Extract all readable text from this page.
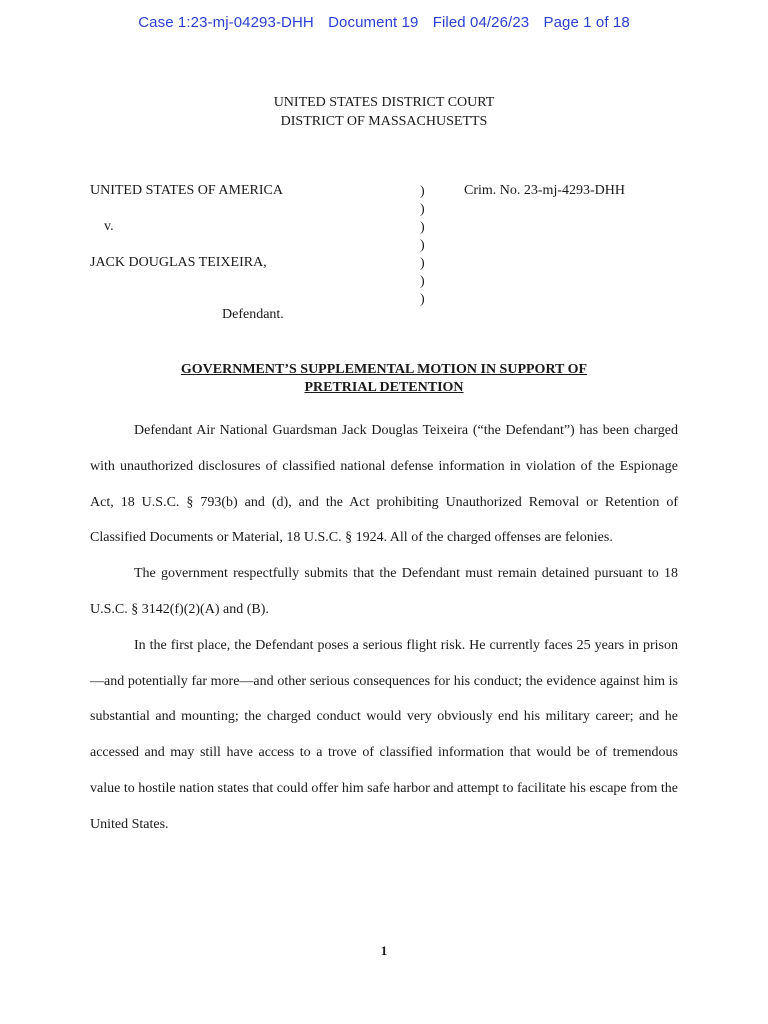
Case 1:23-mj-04293-DHH Document 19 Filed 04/26/23 Page 1 of 18
UNITED STATES DISTRICT COURT
DISTRICT OF MASSACHUSETTS
UNITED STATES OF AMERICA
v.
JACK DOUGLAS TEIXEIRA,
Defendant.
)
)
)
)
)
)
)
Crim. No. 23-mj-4293-DHH
GOVERNMENT’S SUPPLEMENTAL MOTION IN SUPPORT OF
PRETRIAL DETENTION

Defendant Air National Guardsman Jack Douglas Teixeira (“the Defendant”) has been charged with unauthorized disclosures of classified national defense information in violation of the Espionage Act, 18 U.S.C. § 793(b) and (d), and the Act prohibiting Unauthorized Removal or Retention of Classified Documents or Material, 18 U.S.C. § 1924. All of the charged offenses are felonies.

The government respectfully submits that the Defendant must remain detained pursuant to 18 U.S.C. § 3142(f)(2)(A) and (B).

In the first place, the Defendant poses a serious flight risk. He currently faces 25 years in prison—and potentially far more—and other serious consequences for his conduct; the evidence against him is substantial and mounting; the charged conduct would very obviously end his military career; and he accessed and may still have access to a trove of classified information that would be of tremendous value to hostile nation states that could offer him safe harbor and attempt to facilitate his escape from the United States.

1
